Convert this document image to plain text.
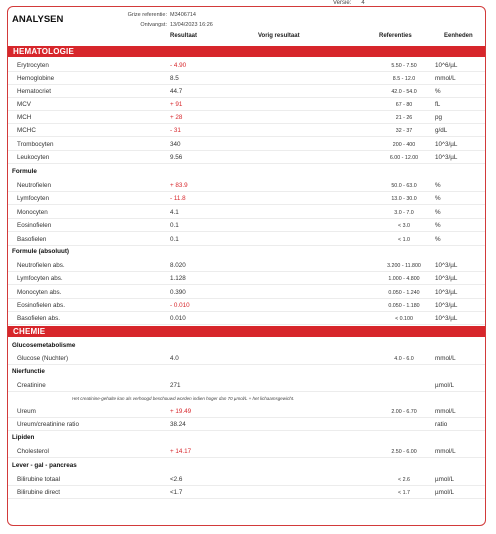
Versie: 4
ANALYSEN	Grize referentie: M3406714
Ontvangst: 13/04/2023 16:26
Resultaat	Vorig resultaat	Referenties	Eenheden
HEMATOLOGIE
Erytrocyten	- 4.90	5.50 - 7.50	10^6/µL
Hemoglobine	8.5	8.5 - 12.0	mmol/L
Hematocriet	44.7	42.0 - 54.0	%
MCV	+ 91	67 - 80	fL
MCH	+ 28	21 - 26	pg
MCHC	- 31	32 - 37	g/dL
Trombocyten	340	200 - 400	10^3/µL
Leukocyten	9.56	6.00 - 12.00	10^3/µL
Formule
Neutrofielen	+ 83.9	50.0 - 63.0	%
Lymfocyten	- 11.8	13.0 - 30.0	%
Monocyten	4.1	3.0 - 7.0	%
Eosinofielen	0.1	< 3.0	%
Basofielen	0.1	< 1.0	%
Formule (absoluut)
Neutrofielen abs.	8.020	3.200 - 11.800	10^3/µL
Lymfocyten abs.	1.128	1.000 - 4.800	10^3/µL
Monocyten abs.	0.390	0.050 - 1.240	10^3/µL
Eosinofielen abs.	- 0.010	0.050 - 1.180	10^3/µL
Basofielen abs.	0.010	< 0.100	10^3/µL
CHEMIE
Glucosemetabolisme
Glucose (Nuchter)	4.0	4.0 - 6.0	mmol/L
Nierfunctie
Creatinine	271	µmol/L
Het creatinine-gehalte kan als verhoogd beschouwd worden indien hoger dan 70 µmol/L + het lichaamsgewicht.
Ureum	+ 19.49	2.00 - 6.70	mmol/L
Ureum/creatinine ratio	38.24	ratio
Lipiden
Cholesterol	+ 14.17	2.50 - 6.00	mmol/L
Lever - gal - pancreas
Bilirubine totaal	<2.6	< 2.6	µmol/L
Bilirubine direct	<1.7	< 1.7	µmol/L
